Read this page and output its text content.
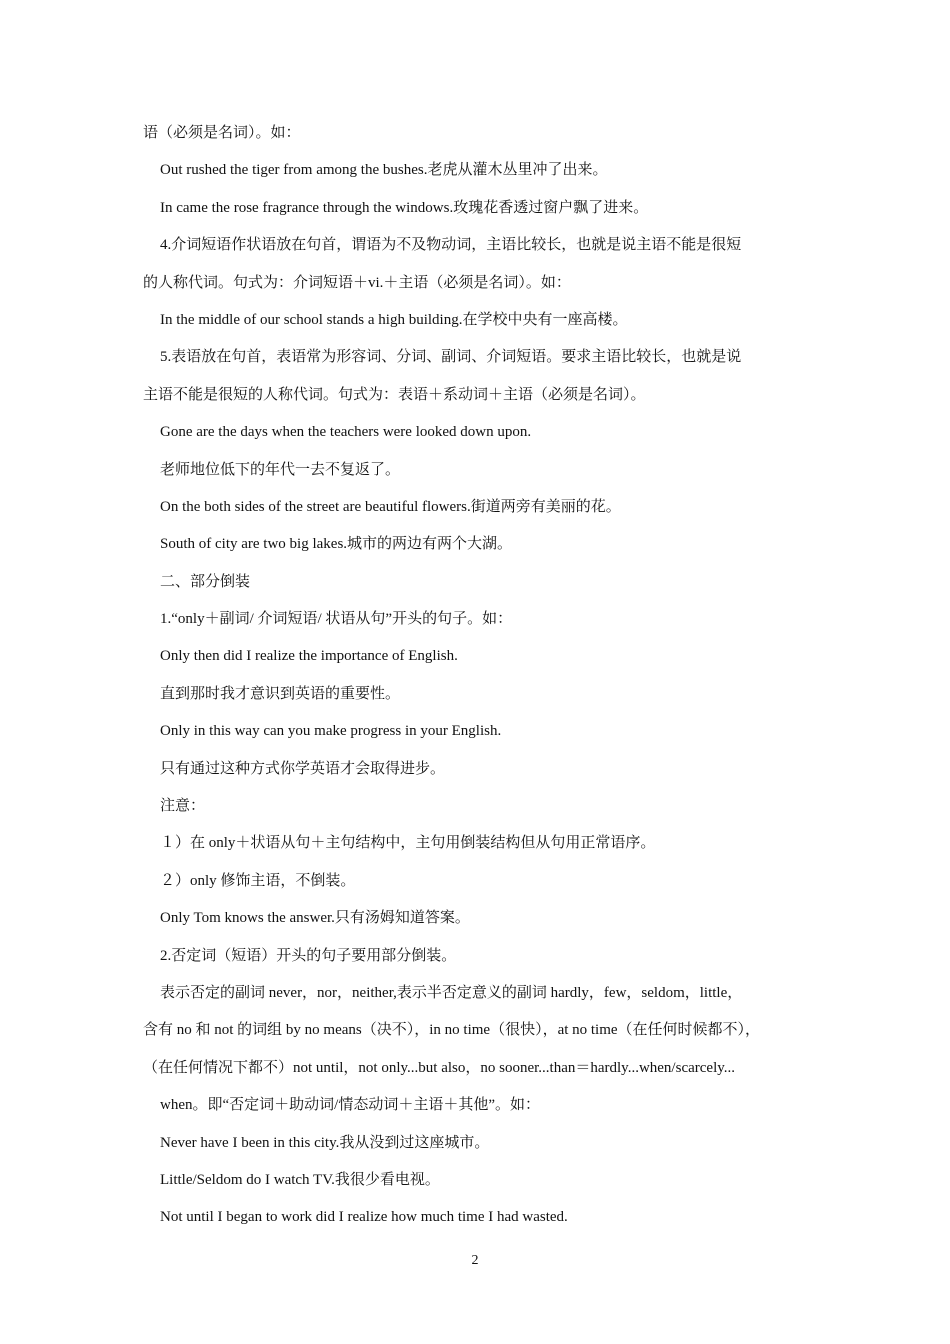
语（必须是名词）。如：
Out rushed the tiger from among the bushes.老虎从灌木丛里冲了出来。
In came the rose fragrance through the windows.玫瑰花香透过窗户飘了进来。
4.介词短语作状语放在句首，谓语为不及物动词，主语比较长，也就是说主语不能是很短
的人称代词。句式为：介词短语＋vi.＋主语（必须是名词）。如：
In the middle of our school stands a high building.在学校中央有一座高楼。
5.表语放在句首，表语常为形容词、分词、副词、介词短语。要求主语比较长，也就是说
主语不能是很短的人称代词。句式为：表语＋系动词＋主语（必须是名词）。
Gone are the days when the teachers were looked down upon.
老师地位低下的年代一去不复返了。
On the both sides of the street are beautiful flowers.街道两旁有美丽的花。
South of city are two big lakes.城市的两边有两个大湖。
二、部分倒装
1.“only＋副词/ 介词短语/ 状语从句”开头的句子。如：
Only then did I realize the importance of English.
直到那时我才意识到英语的重要性。
Only in this way can you make progress in your English.
只有通过这种方式你学英语才会取得进步。
注意：
１）在 only＋状语从句＋主句结构中，主句用倒装结构但从句用正常语序。
２）only 修饰主语，不倒装。
Only Tom knows the answer.只有汤姆知道答案。
2.否定词（短语）开头的句子要用部分倒装。
表示否定的副词 never，nor，neither,表示半否定意义的副词 hardly，few，seldom，little，
含有 no 和 not 的词组 by no means（决不），in no time（很快），at no time（在任何时候都不），
（在任何情况下都不）not until，not only...but also，no sooner...than＝hardly...when/scarcely...
when。即“否定词＋助动词/情态动词＋主语＋其他”。如：
Never have I been in this city.我从没到过这座城市。
Little/Seldom do I watch TV.我很少看电视。
Not until I began to work did I realize how much time I had wasted.
2
